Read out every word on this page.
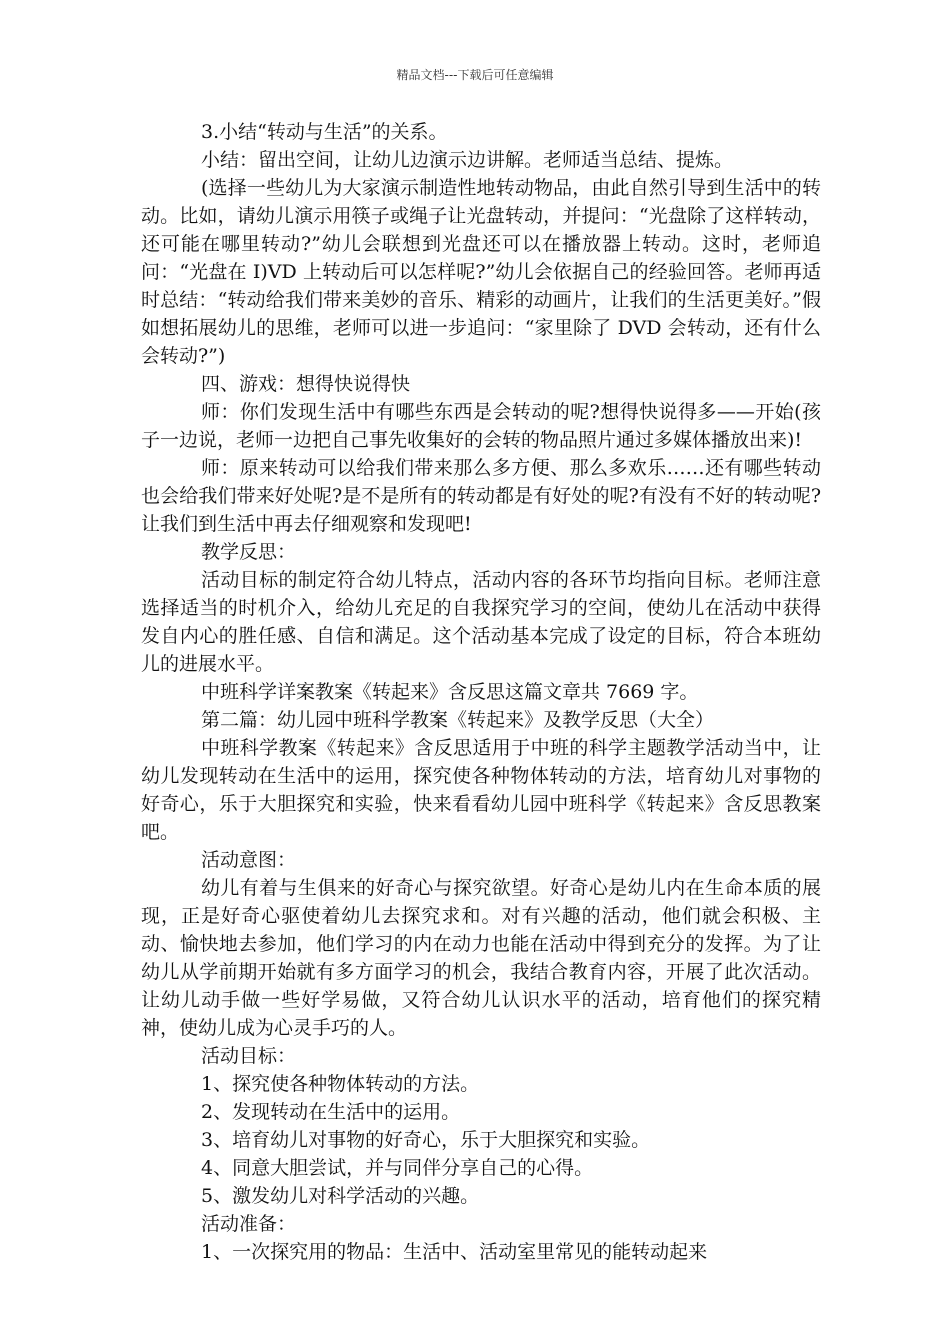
精品文档---下载后可任意编辑

3.小结“转动与生活”的关系。

小结：留出空间，让幼儿边演示边讲解。老师适当总结、提炼。

(选择一些幼儿为大家演示制造性地转动物品，由此自然引导到生活中的转动。比如，请幼儿演示用筷子或绳子让光盘转动，并提问：“光盘除了这样转动，还可能在哪里转动?”幼儿会联想到光盘还可以在播放器上转动。这时，老师追问：“光盘在 I)VD 上转动后可以怎样呢?”幼儿会依据自己的经验回答。老师再适时总结：“转动给我们带来美妙的音乐、精彩的动画片，让我们的生活更美好。”假如想拓展幼儿的思维，老师可以进一步追问：“家里除了 DVD 会转动，还有什么会转动?”)

四、游戏：想得快说得快

师：你们发现生活中有哪些东西是会转动的呢?想得快说得多——开始(孩子一边说，老师一边把自己事先收集好的会转的物品照片通过多媒体播放出来)!

师：原来转动可以给我们带来那么多方便、那么多欢乐……还有哪些转动也会给我们带来好处呢?是不是所有的转动都是有好处的呢?有没有不好的转动呢?让我们到生活中再去仔细观察和发现吧!

教学反思：

活动目标的制定符合幼儿特点，活动内容的各环节均指向目标。老师注意选择适当的时机介入，给幼儿充足的自我探究学习的空间，使幼儿在活动中获得发自内心的胜任感、自信和满足。这个活动基本完成了设定的目标，符合本班幼儿的进展水平。

中班科学详案教案《转起来》含反思这篇文章共 7669 字。

第二篇：幼儿园中班科学教案《转起来》及教学反思（大全）

中班科学教案《转起来》含反思适用于中班的科学主题教学活动当中，让幼儿发现转动在生活中的运用，探究使各种物体转动的方法，培育幼儿对事物的好奇心，乐于大胆探究和实验，快来看看幼儿园中班科学《转起来》含反思教案吧。

活动意图：

幼儿有着与生俱来的好奇心与探究欲望。好奇心是幼儿内在生命本质的展现，正是好奇心驱使着幼儿去探究求和。对有兴趣的活动，他们就会积极、主动、愉快地去参加，他们学习的内在动力也能在活动中得到充分的发挥。为了让幼儿从学前期开始就有多方面学习的机会，我结合教育内容，开展了此次活动。让幼儿动手做一些好学易做，又符合幼儿认识水平的活动，培育他们的探究精神，使幼儿成为心灵手巧的人。

活动目标：

1、探究使各种物体转动的方法。

2、发现转动在生活中的运用。

3、培育幼儿对事物的好奇心，乐于大胆探究和实验。

4、同意大胆尝试，并与同伴分享自己的心得。

5、激发幼儿对科学活动的兴趣。

活动准备：

1、一次探究用的物品：生活中、活动室里常见的能转动起来
